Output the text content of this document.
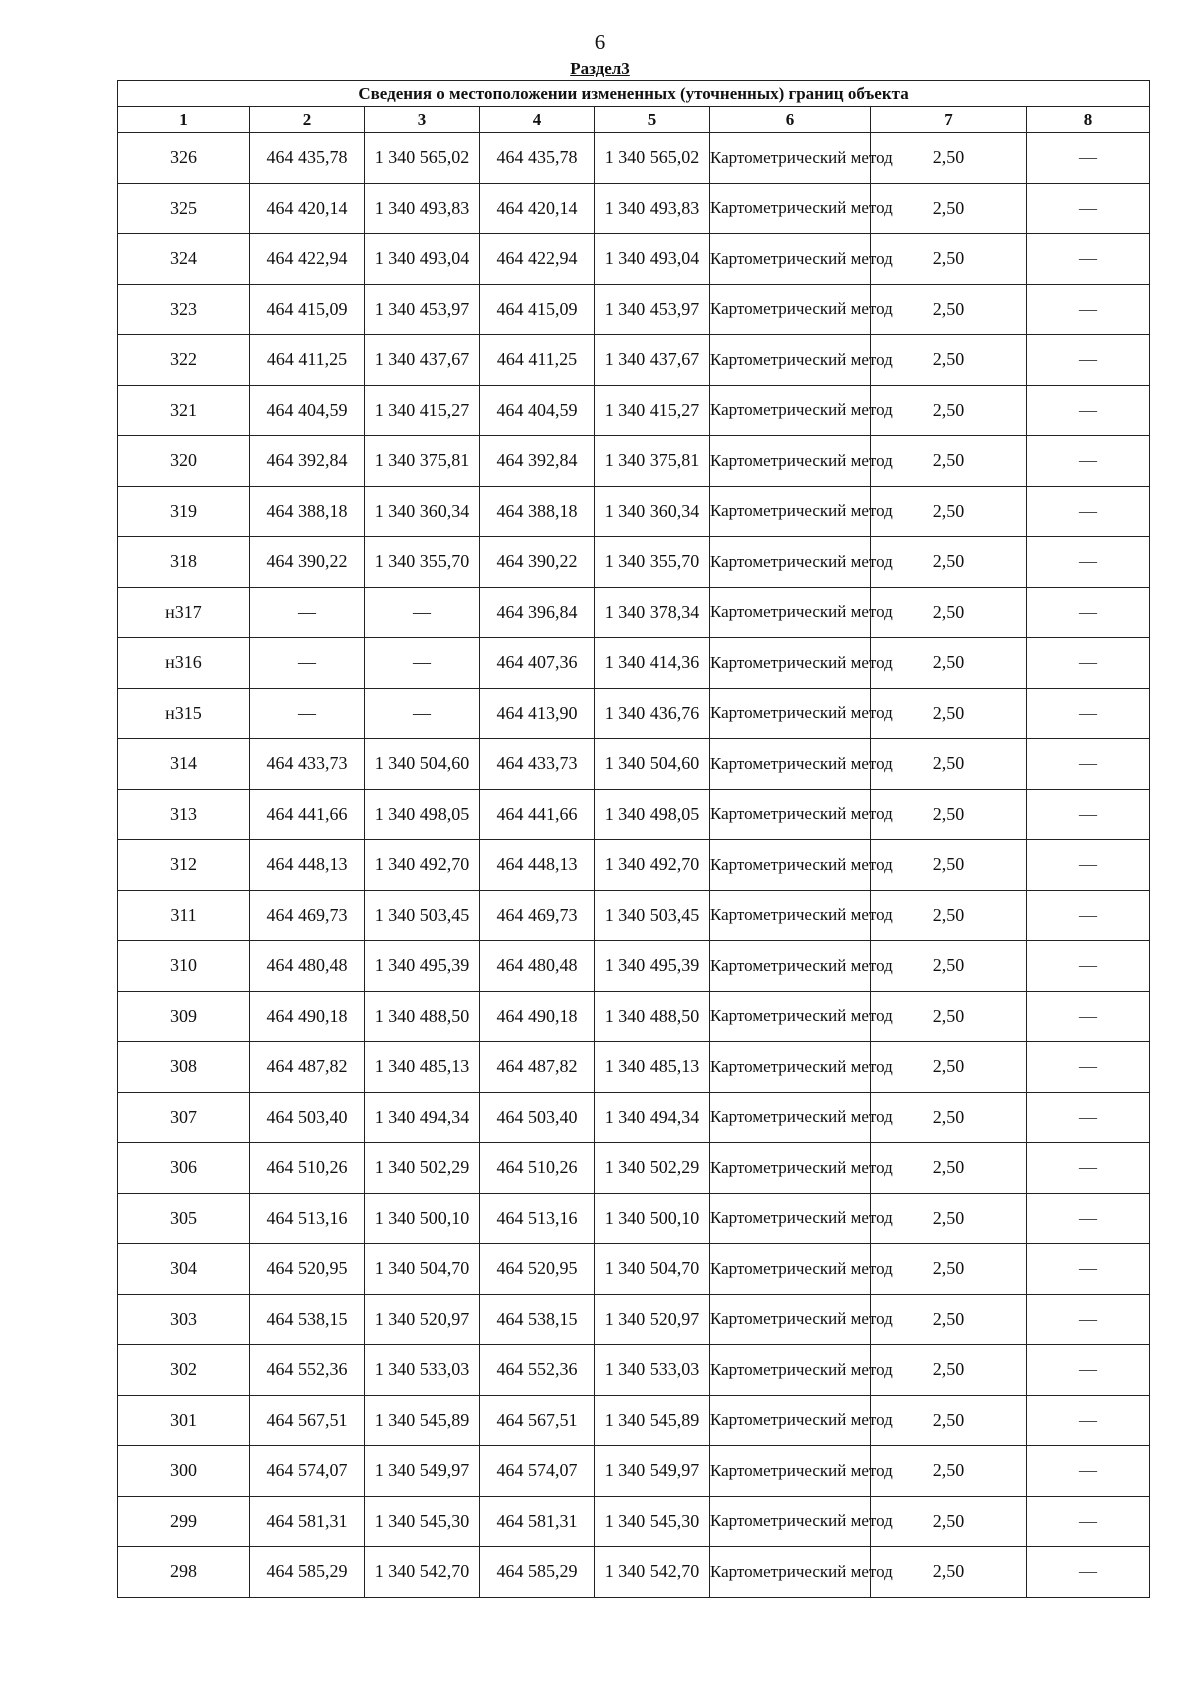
6
Раздел3
Сведения о местоположении измененных (уточненных) границ объекта							
1	2	3	4	5	6	7	8
326	464 435,78	1 340 565,02	464 435,78	1 340 565,02	Картометрический метод	2,50	—
325	464 420,14	1 340 493,83	464 420,14	1 340 493,83	Картометрический метод	2,50	—
324	464 422,94	1 340 493,04	464 422,94	1 340 493,04	Картометрический метод	2,50	—
323	464 415,09	1 340 453,97	464 415,09	1 340 453,97	Картометрический метод	2,50	—
322	464 411,25	1 340 437,67	464 411,25	1 340 437,67	Картометрический метод	2,50	—
321	464 404,59	1 340 415,27	464 404,59	1 340 415,27	Картометрический метод	2,50	—
320	464 392,84	1 340 375,81	464 392,84	1 340 375,81	Картометрический метод	2,50	—
319	464 388,18	1 340 360,34	464 388,18	1 340 360,34	Картометрический метод	2,50	—
318	464 390,22	1 340 355,70	464 390,22	1 340 355,70	Картометрический метод	2,50	—
н317	—	—	464 396,84	1 340 378,34	Картометрический метод	2,50	—
н316	—	—	464 407,36	1 340 414,36	Картометрический метод	2,50	—
н315	—	—	464 413,90	1 340 436,76	Картометрический метод	2,50	—
314	464 433,73	1 340 504,60	464 433,73	1 340 504,60	Картометрический метод	2,50	—
313	464 441,66	1 340 498,05	464 441,66	1 340 498,05	Картометрический метод	2,50	—
312	464 448,13	1 340 492,70	464 448,13	1 340 492,70	Картометрический метод	2,50	—
311	464 469,73	1 340 503,45	464 469,73	1 340 503,45	Картометрический метод	2,50	—
310	464 480,48	1 340 495,39	464 480,48	1 340 495,39	Картометрический метод	2,50	—
309	464 490,18	1 340 488,50	464 490,18	1 340 488,50	Картометрический метод	2,50	—
308	464 487,82	1 340 485,13	464 487,82	1 340 485,13	Картометрический метод	2,50	—
307	464 503,40	1 340 494,34	464 503,40	1 340 494,34	Картометрический метод	2,50	—
306	464 510,26	1 340 502,29	464 510,26	1 340 502,29	Картометрический метод	2,50	—
305	464 513,16	1 340 500,10	464 513,16	1 340 500,10	Картометрический метод	2,50	—
304	464 520,95	1 340 504,70	464 520,95	1 340 504,70	Картометрический метод	2,50	—
303	464 538,15	1 340 520,97	464 538,15	1 340 520,97	Картометрический метод	2,50	—
302	464 552,36	1 340 533,03	464 552,36	1 340 533,03	Картометрический метод	2,50	—
301	464 567,51	1 340 545,89	464 567,51	1 340 545,89	Картометрический метод	2,50	—
300	464 574,07	1 340 549,97	464 574,07	1 340 549,97	Картометрический метод	2,50	—
299	464 581,31	1 340 545,30	464 581,31	1 340 545,30	Картометрический метод	2,50	—
298	464 585,29	1 340 542,70	464 585,29	1 340 542,70	Картометрический метод	2,50	—
